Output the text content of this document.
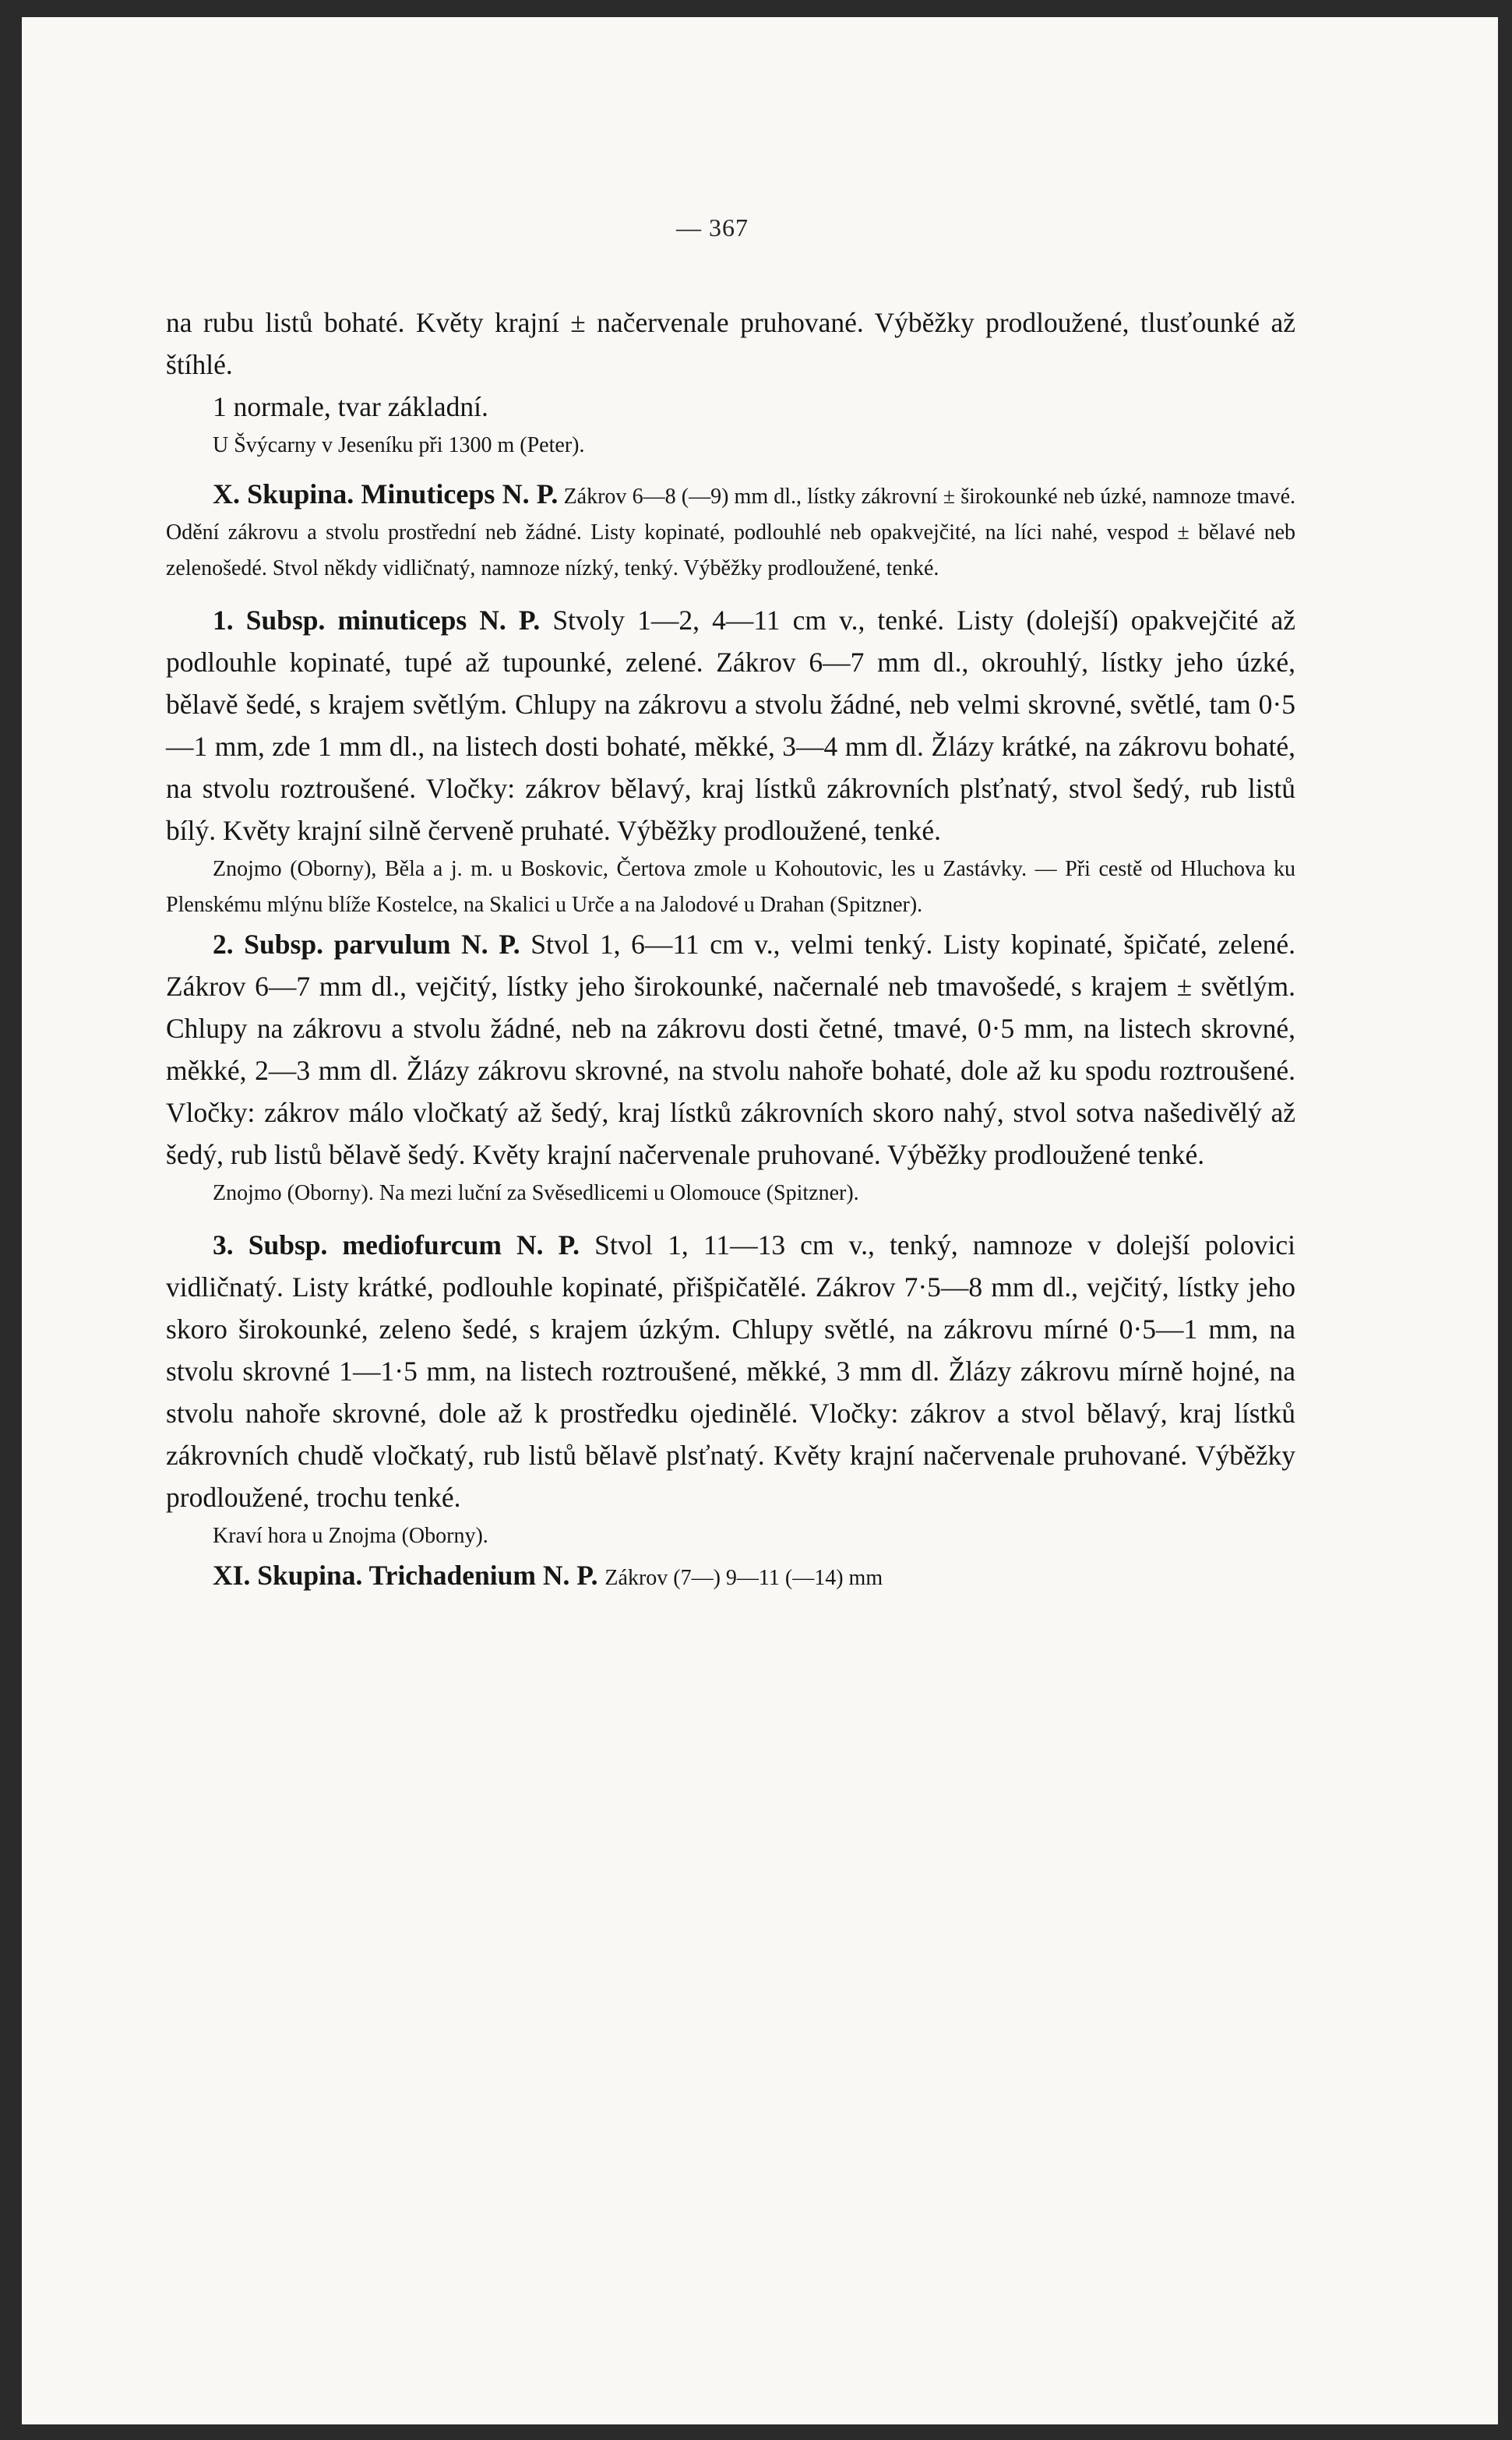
— 367

na rubu listů bohaté. Květy krajní ± načervenale pruhované. Výběžky prodloužené, tlusťounké až štíhlé.

1 normale, tvar základní.

U Švýcarny v Jeseníku při 1300 m (Peter).

X. Skupina. Minuticeps N. P. Zákrov 6—8 (—9) mm dl., lístky zákrovní ± širokounké neb úzké, namnoze tmavé. Odění zákrovu a stvolu prostřední neb žádné. Listy kopinaté, podlouhlé neb opakvejčité, na líci nahé, vespod ± bělavé neb zelenošedé. Stvol někdy vidličnatý, namnoze nízký, tenký. Výběžky prodloužené, tenké.

1. Subsp. minuticeps N. P. Stvoly 1—2, 4—11 cm v., tenké. Listy (dolejší) opakvejčité až podlouhle kopinaté, tupé až tupounké, zelené. Zákrov 6—7 mm dl., okrouhlý, lístky jeho úzké, bělavě šedé, s krajem světlým. Chlupy na zákrovu a stvolu žádné, neb velmi skrovné, světlé, tam 0·5—1 mm, zde 1 mm dl., na listech dosti bohaté, měkké, 3—4 mm dl. Žlázy krátké, na zákrovu bohaté, na stvolu roztroušené. Vločky: zákrov bělavý, kraj lístků zákrovních plsťnatý, stvol šedý, rub listů bílý. Květy krajní silně červeně pruhaté. Výběžky prodloužené, tenké.

Znojmo (Oborny), Běla a j. m. u Boskovic, Čertova zmole u Kohoutovic, les u Zastávky. — Při cestě od Hluchova ku Plenskému mlýnu blíže Kostelce, na Skalici u Urče a na Jalodové u Drahan (Spitzner).

2. Subsp. parvulum N. P. Stvol 1, 6—11 cm v., velmi tenký. Listy kopinaté, špičaté, zelené. Zákrov 6—7 mm dl., vejčitý, lístky jeho širokounké, načernalé neb tmavošedé, s krajem ± světlým. Chlupy na zákrovu a stvolu žádné, neb na zákrovu dosti četné, tmavé, 0·5 mm, na listech skrovné, měkké, 2—3 mm dl. Žlázy zákrovu skrovné, na stvolu nahoře bohaté, dole až ku spodu roztroušené. Vločky: zákrov málo vločkatý až šedý, kraj lístků zákrovních skoro nahý, stvol sotva našedivělý až šedý, rub listů bělavě šedý. Květy krajní načervenale pruhované. Výběžky prodloužené tenké.

Znojmo (Oborny). Na mezi luční za Svěsedlicemi u Olomouce (Spitzner).

3. Subsp. mediofurcum N. P. Stvol 1, 11—13 cm v., tenký, namnoze v dolejší polovici vidličnatý. Listy krátké, podlouhle kopinaté, přišpičatělé. Zákrov 7·5—8 mm dl., vejčitý, lístky jeho skoro širokounké, zeleno šedé, s krajem úzkým. Chlupy světlé, na zákrovu mírné 0·5—1 mm, na stvolu skrovné 1—1·5 mm, na listech roztroušené, měkké, 3 mm dl. Žlázy zákrovu mírně hojné, na stvolu nahoře skrovné, dole až k prostředku ojedinělé. Vločky: zákrov a stvol bělavý, kraj lístků zákrovních chudě vločkatý, rub listů bělavě plsťnatý. Květy krajní načervenale pruhované. Výběžky prodloužené, trochu tenké.

Kraví hora u Znojma (Oborny).

XI. Skupina. Trichadenium N. P. Zákrov (7—) 9—11 (—14) mm
